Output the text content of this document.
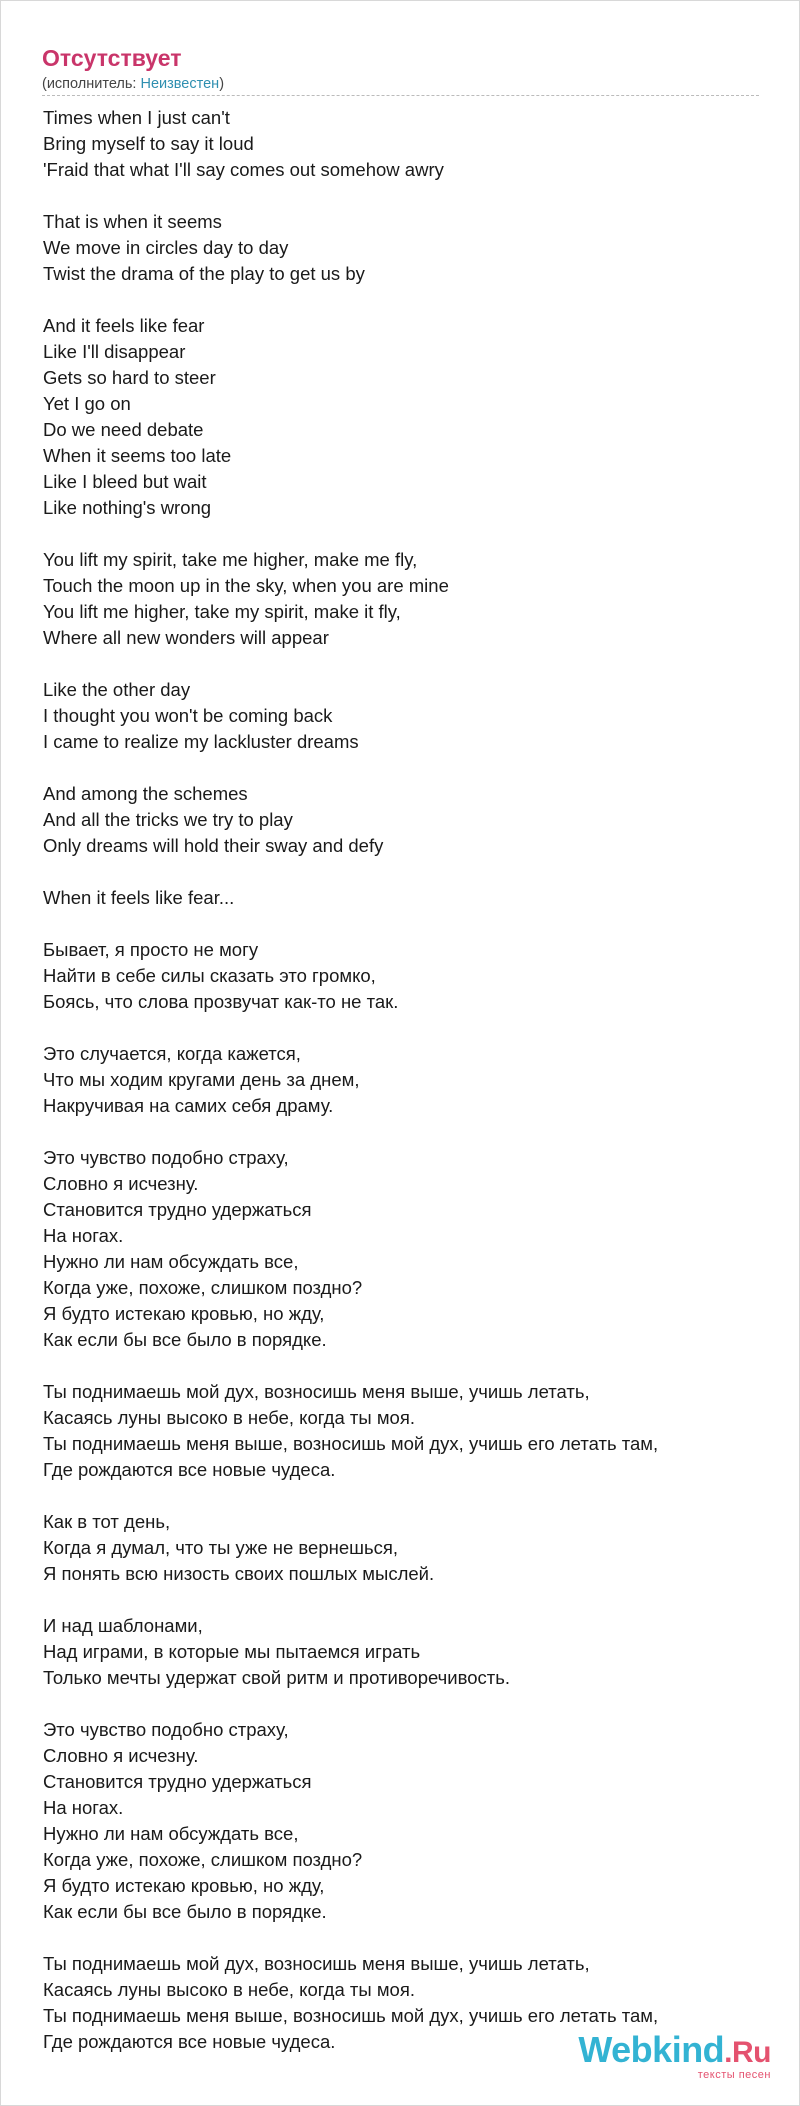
Отсутствует
(исполнитель: Неизвестен)
Times when I just can't
Bring myself to say it loud
'Fraid that what I'll say comes out somehow awry
That is when it seems
We move in circles day to day
Twist the drama of the play to get us by
And it feels like fear
Like I'll disappear
Gets so hard to steer
Yet I go on
Do we need debate
When it seems too late
Like I bleed but wait
Like nothing's wrong
You lift my spirit, take me higher, make me fly,
Touch the moon up in the sky, when you are mine
You lift me higher, take my spirit, make it fly,
Where all new wonders will appear
Like the other day
I thought you won't be coming back
I came to realize my lackluster dreams
And among the schemes
And all the tricks we try to play
Only dreams will hold their sway and defy
When it feels like fear...
Бывает, я просто не могу
Найти в себе силы сказать это громко,
Боясь, что слова прозвучат как-то не так.
Это случается, когда кажется,
Что мы ходим кругами день за днем,
Накручивая на самих себя драму.
Это чувство подобно страху,
Словно я исчезну.
Становится трудно удержаться
На ногах.
Нужно ли нам обсуждать все,
Когда уже, похоже, слишком поздно?
Я будто истекаю кровью, но жду,
Как если бы все было в порядке.
Ты поднимаешь мой дух, возносишь меня выше, учишь летать,
Касаясь луны высоко в небе, когда ты моя.
Ты поднимаешь меня выше, возносишь мой дух, учишь его летать там,
Где рождаются все новые чудеса.
Как в тот день,
Когда я думал, что ты уже не вернешься,
Я понять всю низость своих пошлых мыслей.
И над шаблонами,
Над играми, в которые мы пытаемся играть
Только мечты удержат свой ритм и противоречивость.
Это чувство подобно страху,
Словно я исчезну.
Становится трудно удержаться
На ногах.
Нужно ли нам обсуждать все,
Когда уже, похоже, слишком поздно?
Я будто истекаю кровью, но жду,
Как если бы все было в порядке.
Ты поднимаешь мой дух, возносишь меня выше, учишь летать,
Касаясь луны высоко в небе, когда ты моя.
Ты поднимаешь меня выше, возносишь мой дух, учишь его летать там,
Где рождаются все новые чудеса.	Webkind.Ru
тексты песен
